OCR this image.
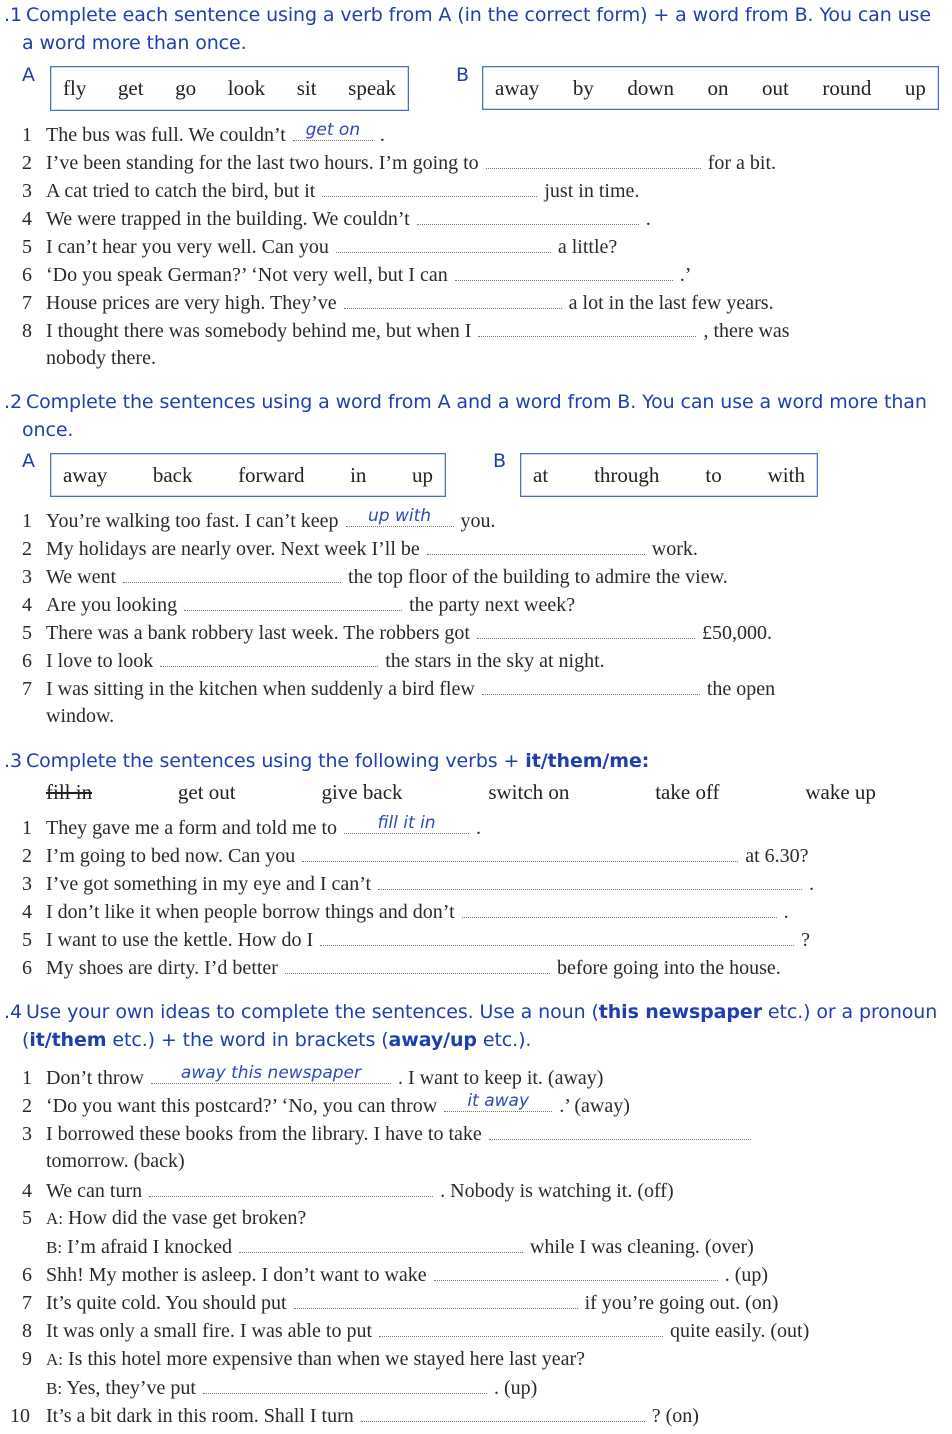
.1 Complete each sentence using a verb from A (in the correct form) + a word from B. You can use
a word more than once.
A
fly get go look sit speak
B
away by down on out round up
1 The bus was full. We couldn’t	get on .
2 I’ve been standing for the last two hours. I’m going to	for a bit.
3 A cat tried to catch the bird, but it	just in time.
4 We were trapped in the building. We couldn’t	.
5 I can’t hear you very well. Can you	a little?
6 ‘Do you speak German?’ ‘Not very well, but I can	.’
7 House prices are very high. They’ve	a lot in the last few years.
8 I thought there was somebody behind me, but when I	, there was
nobody there.
.2 Complete the sentences using a word from A and a word from B. You can use a word more than
once.
A
away back forward in up
B
at through to with
1 You’re walking too fast. I can’t keep	up with	you.
2 My holidays are nearly over. Next week I’ll be	work.
3 We went	the top floor of the building to admire the view.
4 Are you looking	the party next week?
5 There was a bank robbery last week. The robbers got	£50,000.
6 I love to look	the stars in the sky at night.
7 I was sitting in the kitchen when suddenly a bird flew	the open
window.
.3 Complete the sentences using the following verbs + it/them/me:
fill in	get out	give back	switch on	take off	wake up
1 They gave me a form and told me to	fill it in	.
2 I’m going to bed now. Can you	at 6.30?
3 I’ve got something in my eye and I can’t	.
4 I don’t like it when people borrow things and don’t	.
5 I want to use the kettle. How do I	?
6 My shoes are dirty. I’d better	before going into the house.
.4 Use your own ideas to complete the sentences. Use a noun (this newspaper etc.) or a pronoun
(it/them etc.) + the word in brackets (away/up etc.).
1 Don’t throw	away this newspaper	. I want to keep it. (away)
2 ‘Do you want this postcard?’ ‘No, you can throw	it away	.’ (away)
3 I borrowed these books from the library. I have to take
tomorrow. (back)
4 We can turn	. Nobody is watching it. (off)
5 A: How did the vase get broken?
B: I’m afraid I knocked	while I was cleaning. (over)
6 Shh! My mother is asleep. I don’t want to wake	. (up)
7 It’s quite cold. You should put	if you’re going out. (on)
8 It was only a small fire. I was able to put	quite easily. (out)
9 A: Is this hotel more expensive than when we stayed here last year?
B: Yes, they’ve put	. (up)
10 It’s a bit dark in this room. Shall I turn	? (on)
